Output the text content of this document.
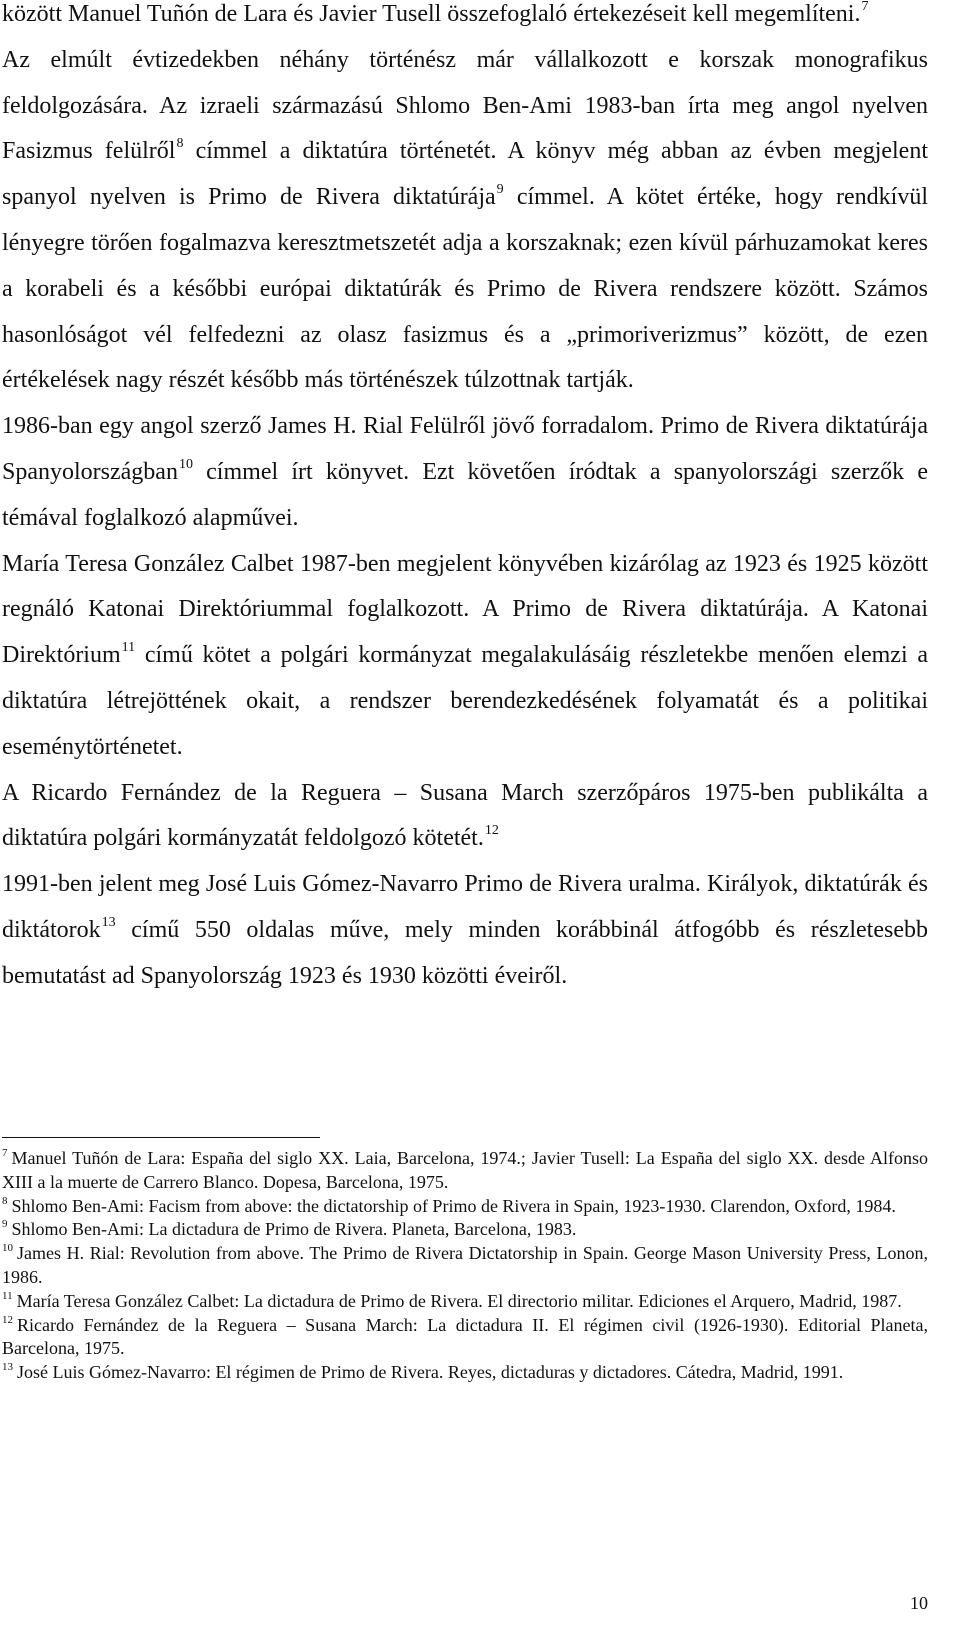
között Manuel Tuñón de Lara és Javier Tusell összefoglaló értekezéseit kell megemlíteni.$^7$

Az elmúlt évtizedekben néhány történész már vállalkozott e korszak monografikus feldolgozására. Az izraeli származású Shlomo Ben-Ami 1983-ban írta meg angol nyelven Fasizmus felülről$^8$ címmel a diktatúra történetét. A könyv még abban az évben megjelent spanyol nyelven is Primo de Rivera diktatúrája$^9$ címmel. A kötet értéke, hogy rendkívül lényegre törően fogalmazva keresztmetszetét adja a korszaknak; ezen kívül párhuzamokat keres a korabeli és a későbbi európai diktatúrák és Primo de Rivera rendszere között. Számos hasonlóságot vél felfedezni az olasz fasizmus és a „primoriverizmus” között, de ezen értékelések nagy részét később más történészek túlzottnak tartják.

1986-ban egy angol szerző James H. Rial Felülről jövő forradalom. Primo de Rivera diktatúrája Spanyolországban$^{10}$ címmel írt könyvet. Ezt követően íródtak a spanyolországi szerzők e témával foglalkozó alapművei.

María Teresa González Calbet 1987-ben megjelent könyvében kizárólag az 1923 és 1925 között regnáló Katonai Direktóriummal foglalkozott. A Primo de Rivera diktatúrája. A Katonai Direktórium$^{11}$ című kötet a polgári kormányzat megalakulásáig részletekbe menően elemzi a diktatúra létrejöttének okait, a rendszer berendezkedésének folyamatát és a politikai eseménytörténetet.

A Ricardo Fernández de la Reguera – Susana March szerzőpáros 1975-ben publikálta a diktatúra polgári kormányzatát feldolgozó kötetét.$^{12}$

1991-ben jelent meg José Luis Gómez-Navarro Primo de Rivera uralma. Királyok, diktatúrák és diktátorok$^{13}$ című 550 oldalas műve, mely minden korábbinál átfogóbb és részletesebb bemutatást ad Spanyolország 1923 és 1930 közötti éveiről.

$^7$ Manuel Tuñón de Lara: España del siglo XX. Laia, Barcelona, 1974.; Javier Tusell: La España del siglo XX. desde Alfonso XIII a la muerte de Carrero Blanco. Dopesa, Barcelona, 1975.

$^8$ Shlomo Ben-Ami: Facism from above: the dictatorship of Primo de Rivera in Spain, 1923-1930. Clarendon, Oxford, 1984.

$^9$ Shlomo Ben-Ami: La dictadura de Primo de Rivera. Planeta, Barcelona, 1983.

$^{10}$ James H. Rial: Revolution from above. The Primo de Rivera Dictatorship in Spain. George Mason University Press, Lonon, 1986.

$^{11}$ María Teresa González Calbet: La dictadura de Primo de Rivera. El directorio militar. Ediciones el Arquero, Madrid, 1987.

$^{12}$ Ricardo Fernández de la Reguera – Susana March: La dictadura II. El régimen civil (1926-1930). Editorial Planeta, Barcelona, 1975.

$^{13}$ José Luis Gómez-Navarro: El régimen de Primo de Rivera. Reyes, dictaduras y dictadores. Cátedra, Madrid, 1991.

10
